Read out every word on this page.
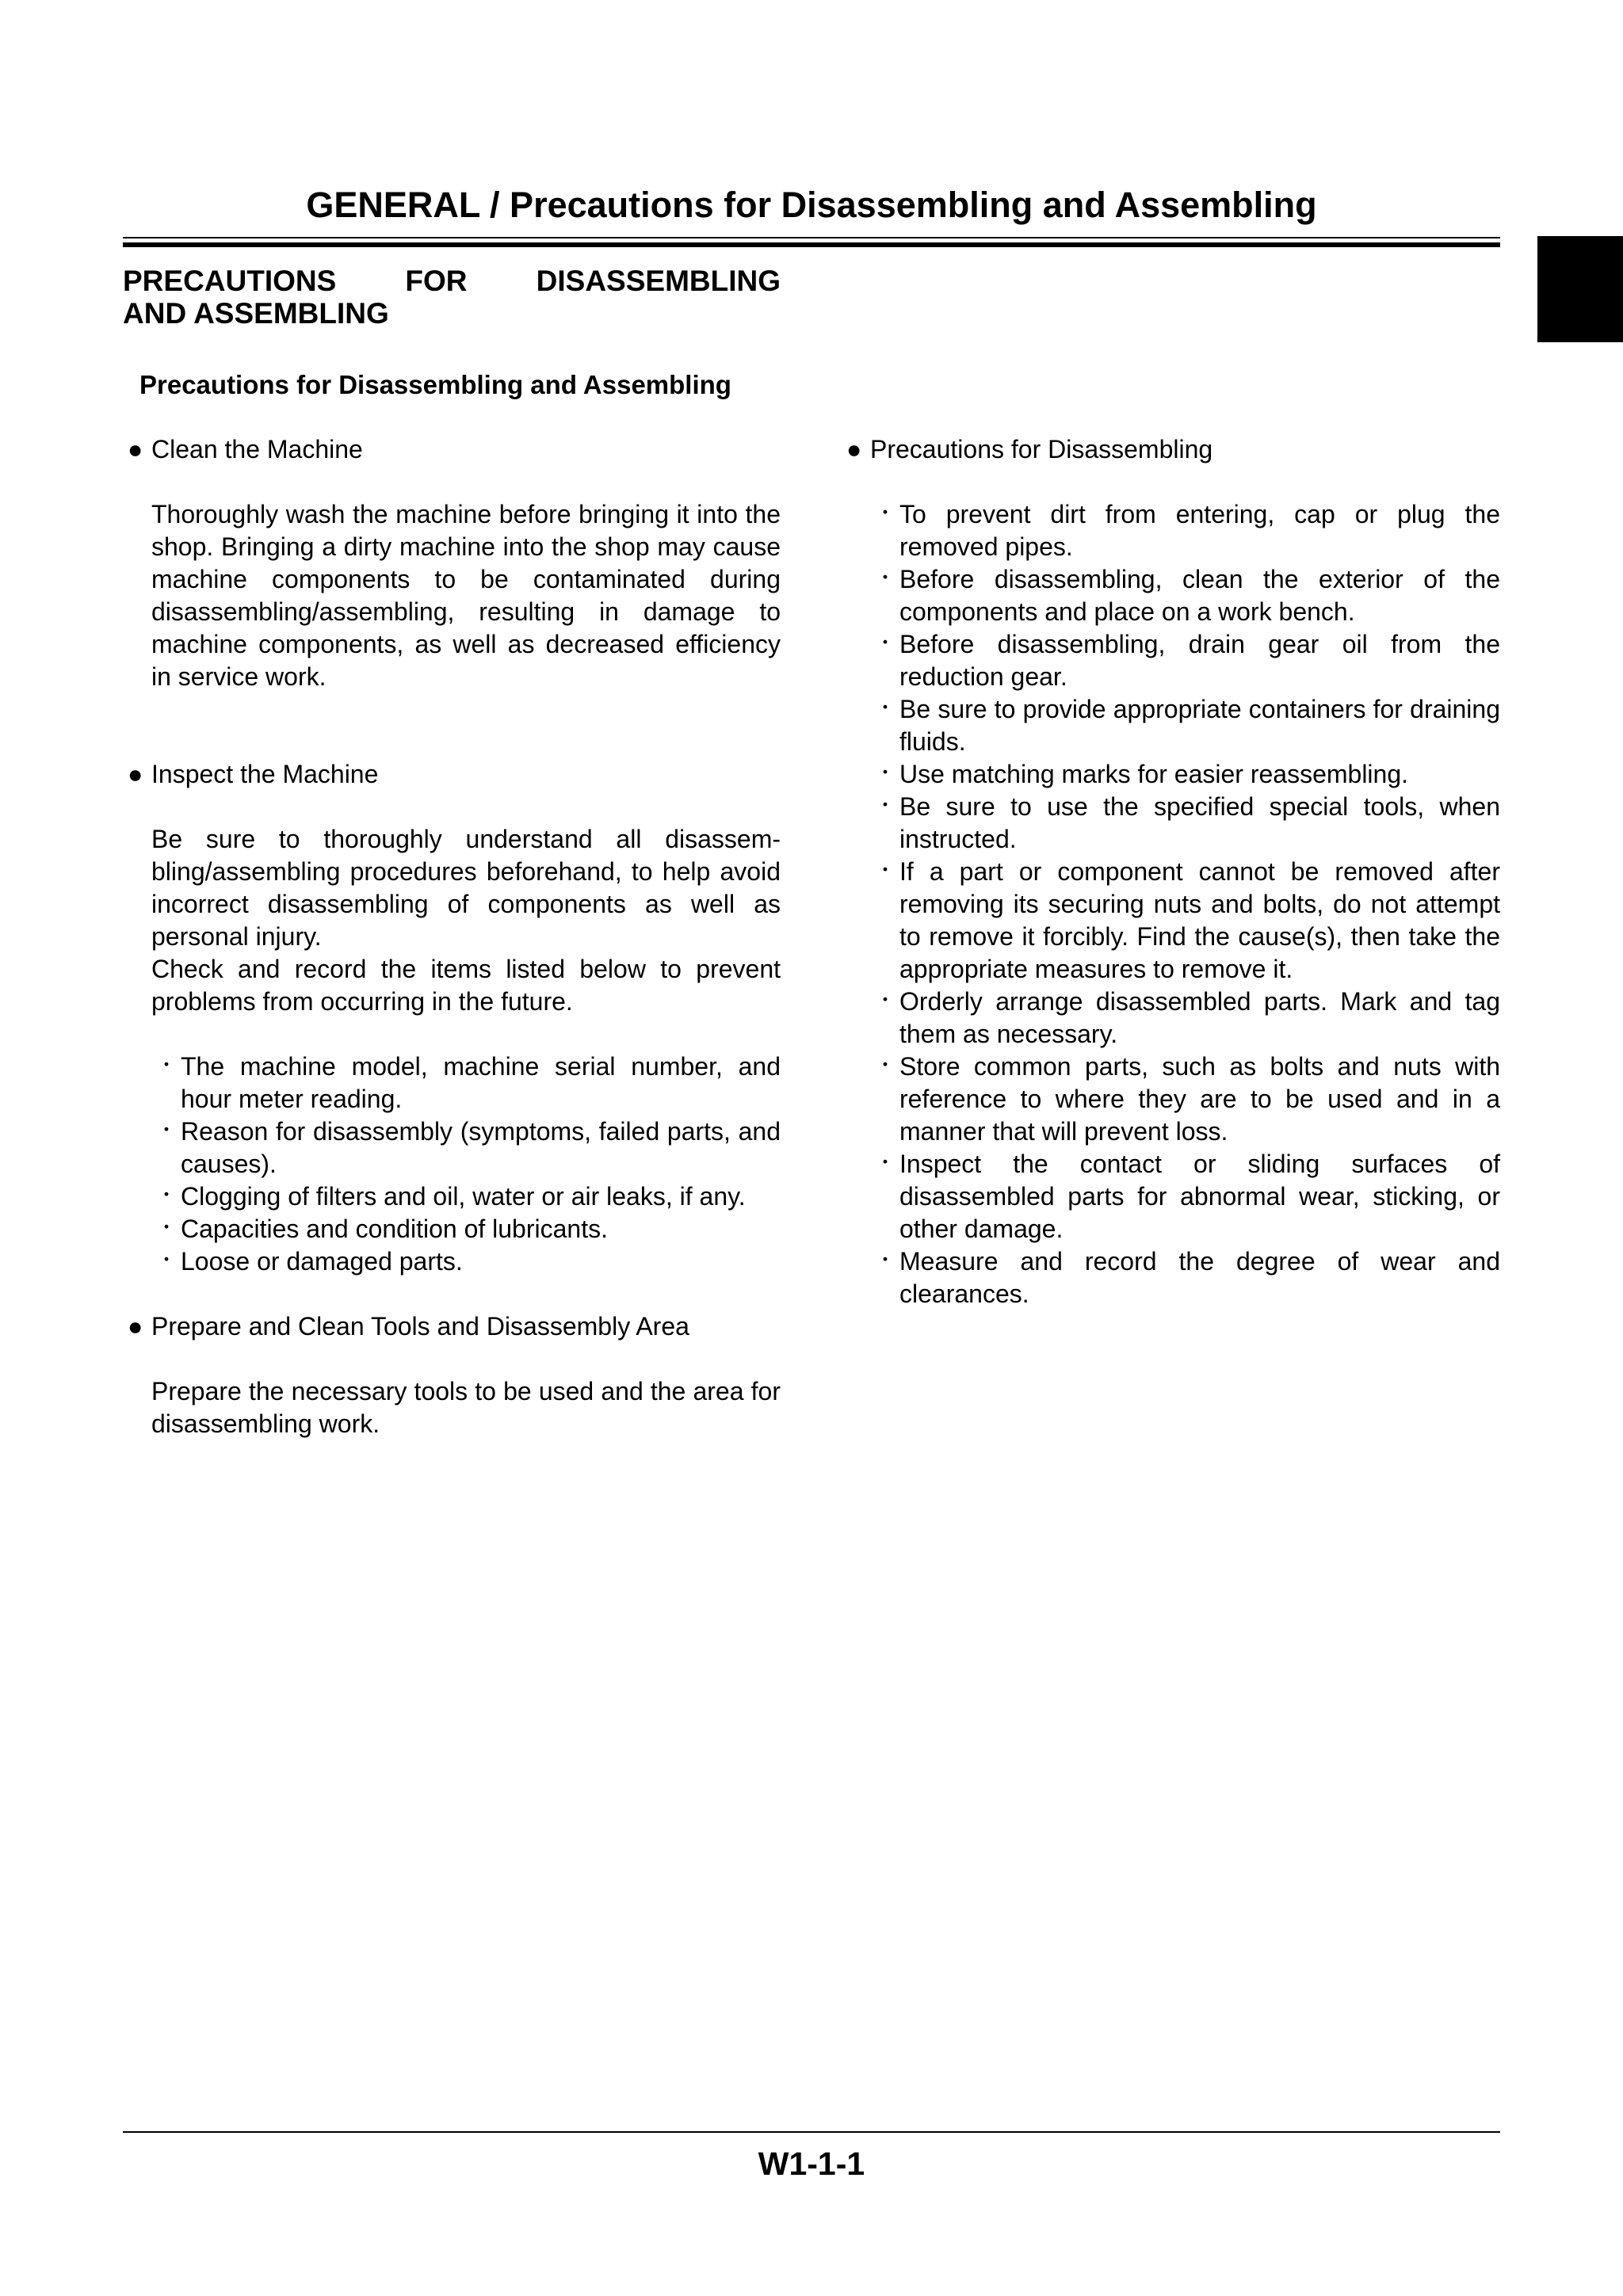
GENERAL / Precautions for Disassembling and Assembling
PRECAUTIONS FOR DISASSEMBLING
AND ASSEMBLING
Precautions for Disassembling and Assembling
● Clean the Machine
Thoroughly wash the machine before bringing it into the shop. Bringing a dirty machine into the shop may cause machine components to be contaminated during disassembling/assembling, resulting in damage to machine components, as well as decreased efficiency in service work.
● Inspect the Machine
Be sure to thoroughly understand all disassem-bling/assembling procedures beforehand, to help avoid incorrect disassembling of components as well as personal injury.
Check and record the items listed below to prevent problems from occurring in the future.
・ The machine model, machine serial number, and hour meter reading.
・ Reason for disassembly (symptoms, failed parts, and causes).
・ Clogging of filters and oil, water or air leaks, if any.
・ Capacities and condition of lubricants.
・ Loose or damaged parts.
● Prepare and Clean Tools and Disassembly Area
Prepare the necessary tools to be used and the area for disassembling work.
● Precautions for Disassembling
・ To prevent dirt from entering, cap or plug the removed pipes.
・ Before disassembling, clean the exterior of the components and place on a work bench.
・ Before disassembling, drain gear oil from the reduction gear.
・ Be sure to provide appropriate containers for draining fluids.
・ Use matching marks for easier reassembling.
・ Be sure to use the specified special tools, when instructed.
・ If a part or component cannot be removed after removing its securing nuts and bolts, do not attempt to remove it forcibly. Find the cause(s), then take the appropriate measures to remove it.
・ Orderly arrange disassembled parts. Mark and tag them as necessary.
・ Store common parts, such as bolts and nuts with reference to where they are to be used and in a manner that will prevent loss.
・ Inspect the contact or sliding surfaces of disassembled parts for abnormal wear, sticking, or other damage.
・ Measure and record the degree of wear and clearances.
W1-1-1
